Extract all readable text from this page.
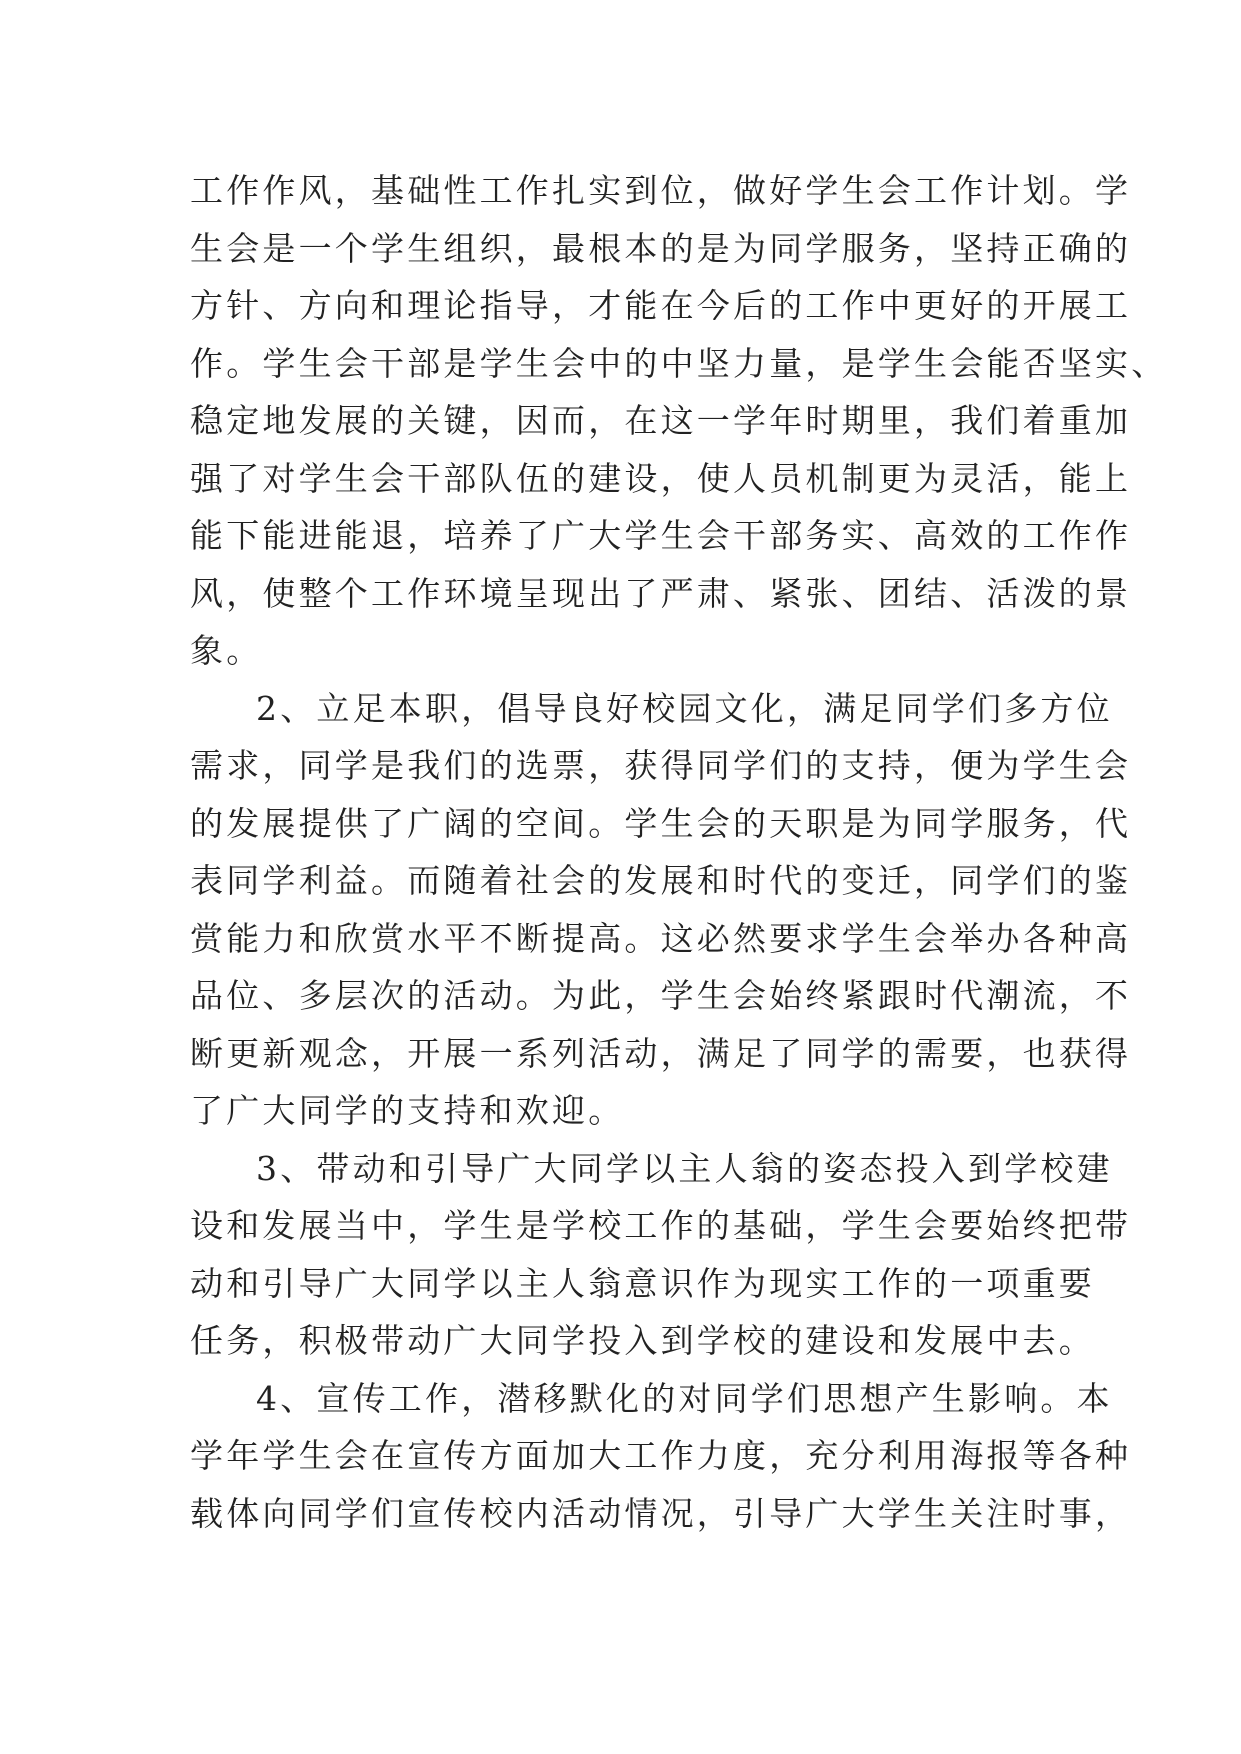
工作作风，基础性工作扎实到位，做好学生会工作计划。学
生会是一个学生组织，最根本的是为同学服务，坚持正确的
方针、方向和理论指导，才能在今后的工作中更好的开展工
作。学生会干部是学生会中的中坚力量，是学生会能否坚实、
稳定地发展的关键，因而，在这一学年时期里，我们着重加
强了对学生会干部队伍的建设，使人员机制更为灵活，能上
能下能进能退，培养了广大学生会干部务实、高效的工作作
风，使整个工作环境呈现出了严肃、紧张、团结、活泼的景
象。

2、立足本职，倡导良好校园文化，满足同学们多方位
需求，同学是我们的选票，获得同学们的支持，便为学生会
的发展提供了广阔的空间。学生会的天职是为同学服务，代
表同学利益。而随着社会的发展和时代的变迁，同学们的鉴
赏能力和欣赏水平不断提高。这必然要求学生会举办各种高
品位、多层次的活动。为此，学生会始终紧跟时代潮流，不
断更新观念，开展一系列活动，满足了同学的需要，也获得
了广大同学的支持和欢迎。

3、带动和引导广大同学以主人翁的姿态投入到学校建
设和发展当中，学生是学校工作的基础，学生会要始终把带
动和引导广大同学以主人翁意识作为现实工作的一项重要
任务，积极带动广大同学投入到学校的建设和发展中去。

4、宣传工作，潜移默化的对同学们思想产生影响。本
学年学生会在宣传方面加大工作力度，充分利用海报等各种
载体向同学们宣传校内活动情况，引导广大学生关注时事，
